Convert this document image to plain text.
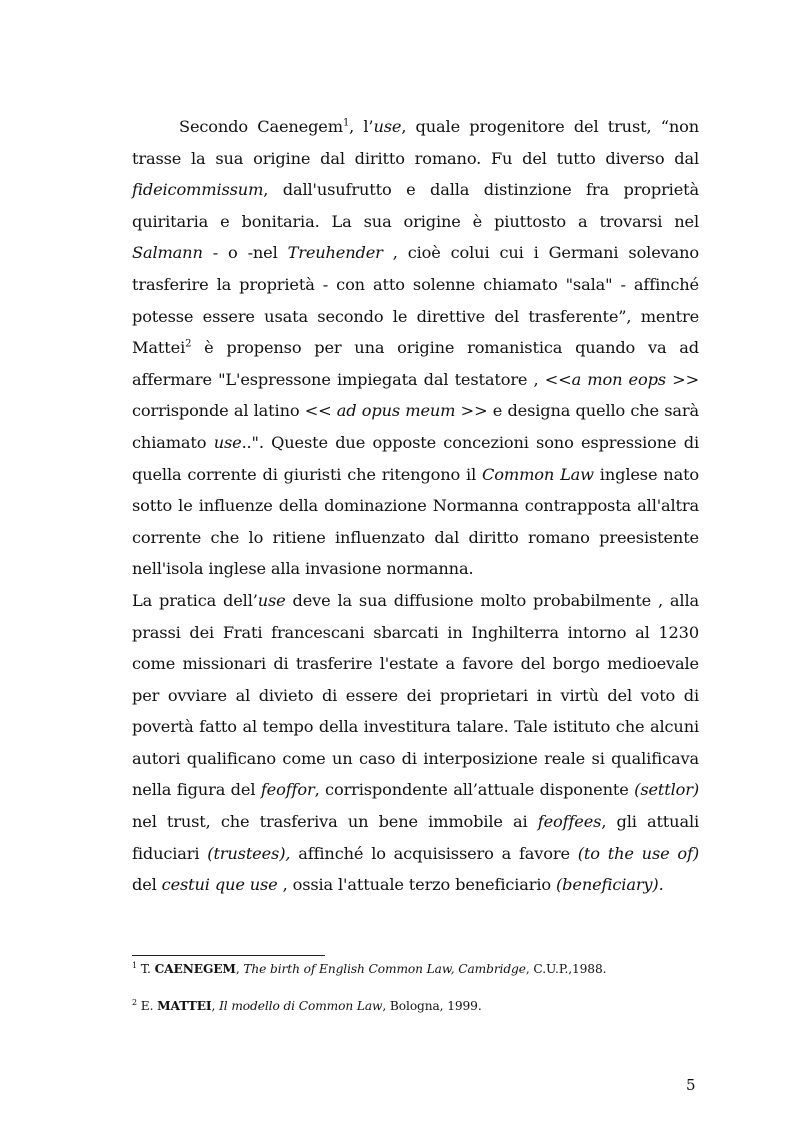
Secondo Caenegem$^1$, l’use, quale progenitore del trust, “non trasse la sua origine dal diritto romano. Fu del tutto diverso dal fideicommissum, dall'usufrutto e dalla distinzione fra proprietà quiritaria e bonitaria. La sua origine è piuttosto a trovarsi nel Salmann - o -nel Treuhender , cioè colui cui i Germani solevano trasferire la proprietà - con atto solenne chiamato "sala" - affinché potesse essere usata secondo le direttive del trasferente”, mentre Mattei$^2$ è propenso per una origine romanistica quando va ad affermare "L'espressone impiegata dal testatore , <<a mon eops >> corrisponde al latino << ad opus meum >> e designa quello che sarà chiamato use..". Queste due opposte concezioni sono espressione di quella corrente di giuristi che ritengono il Common Law inglese nato sotto le influenze della dominazione Normanna contrapposta all'altra corrente che lo ritiene influenzato dal diritto romano preesistente nell'isola inglese alla invasione normanna.

La pratica dell’use deve la sua diffusione molto probabilmente , alla prassi dei Frati francescani sbarcati in Inghilterra intorno al 1230 come missionari di trasferire l'estate a favore del borgo medioevale per ovviare al divieto di essere dei proprietari in virtù del voto di povertà fatto al tempo della investitura talare. Tale istituto che alcuni autori qualificano come un caso di interposizione reale si qualificava nella figura del feoffor, corrispondente all’attuale disponente (settlor) nel trust, che trasferiva un bene immobile ai feoffees, gli attuali fiduciari (trustees), affinché lo acquisissero a favore (to the use of) del cestui que use , ossia l'attuale terzo beneficiario (beneficiary).

$^1$ T. CAENEGEM, The birth of English Common Law, Cambridge, C.U.P.,1988.
$^2$ E. MATTEI, Il modello di Common Law, Bologna, 1999.
5
